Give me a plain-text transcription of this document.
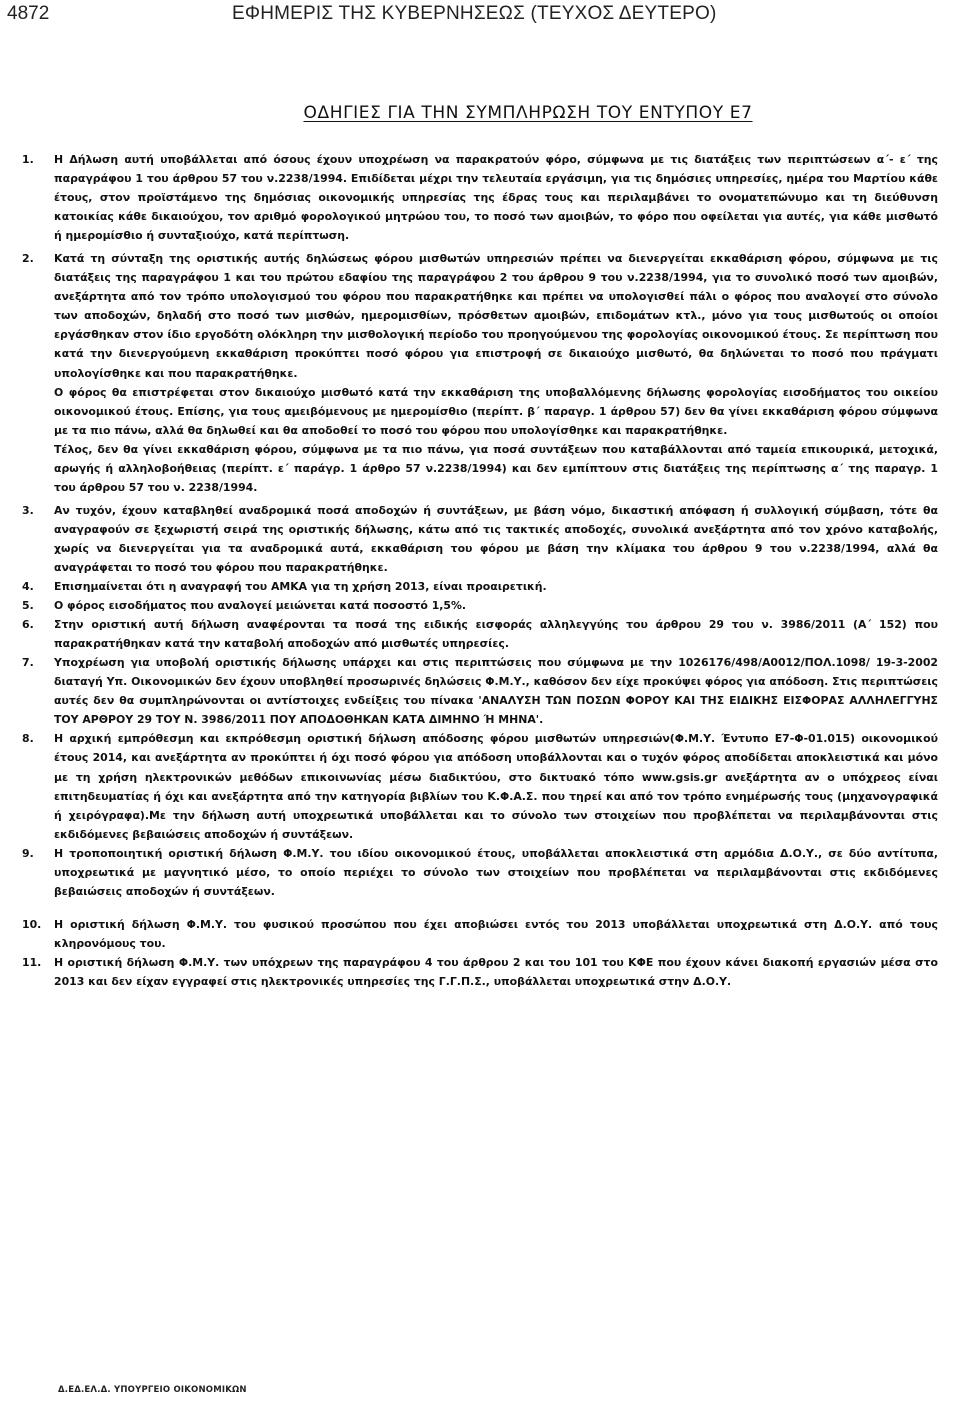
4872	ΕΦΗΜΕΡΙΣ ΤΗΣ ΚΥΒΕΡΝΗΣΕΩΣ (ΤΕΥΧΟΣ ΔΕΥΤΕΡΟ)
ΟΔΗΓΙΕΣ ΓΙΑ ΤΗΝ ΣΥΜΠΛΗΡΩΣΗ ΤΟΥ ΕΝΤΥΠΟΥ Ε7
1.	Η Δήλωση αυτή υποβάλλεται από όσους έχουν υποχρέωση να παρακρατούν φόρο, σύμφωνα με τις διατάξεις των περιπτώσεων α΄- ε΄ της παραγράφου 1 του άρθρου 57 του ν.2238/1994. Επιδίδεται μέχρι την τελευταία εργάσιμη, για τις δημόσιες υπηρεσίες, ημέρα του Μαρτίου κάθε έτους, στον προϊστάμενο της δημόσιας οικονομικής υπηρεσίας της έδρας τους και περιλαμβάνει το ονοματεπώνυμο και τη διεύθυνση κατοικίας κάθε δικαιούχου, τον αριθμό φορολογικού μητρώου του, το ποσό των αμοιβών, το φόρο που οφείλεται για αυτές, για κάθε μισθωτό ή ημερομίσθιο ή συνταξιούχο, κατά περίπτωση.

2.	Κατά τη σύνταξη της οριστικής αυτής δηλώσεως φόρου μισθωτών υπηρεσιών πρέπει να διενεργείται εκκαθάριση φόρου, σύμφωνα με τις διατάξεις της παραγράφου 1 και του πρώτου εδαφίου της παραγράφου 2 του άρθρου 9 του ν.2238/1994, για το συνολικό ποσό των αμοιβών, ανεξάρτητα από τον τρόπο υπολογισμού του φόρου που παρακρατήθηκε και πρέπει να υπολογισθεί πάλι ο φόρος που αναλογεί στο σύνολο των αποδοχών, δηλαδή στο ποσό των μισθών, ημερομισθίων, πρόσθετων αμοιβών, επιδομάτων κτλ., μόνο για τους μισθωτούς οι οποίοι εργάσθηκαν στον ίδιο εργοδότη ολόκληρη την μισθολογική περίοδο του προηγούμενου της φορολογίας οικονομικού έτους. Σε περίπτωση που κατά την διενεργούμενη εκκαθάριση προκύπτει ποσό φόρου για επιστροφή σε δικαιούχο μισθωτό, θα δηλώνεται το ποσό που πράγματι υπολογίσθηκε και που παρακρατήθηκε.

Ο φόρος θα επιστρέφεται στον δικαιούχο μισθωτό κατά την εκκαθάριση της υποβαλλόμενης δήλωσης φορολογίας εισοδήματος του οικείου οικονομικού έτους. Επίσης, για τους αμειβόμενους με ημερομίσθιο (περίπτ. β΄ παραγρ. 1 άρθρου 57) δεν θα γίνει εκκαθάριση φόρου σύμφωνα με τα πιο πάνω, αλλά θα δηλωθεί και θα αποδοθεί το ποσό του φόρου που υπολογίσθηκε και παρακρατήθηκε.

Τέλος, δεν θα γίνει εκκαθάριση φόρου, σύμφωνα με τα πιο πάνω, για ποσά συντάξεων που καταβάλλονται από ταμεία επικουρικά, μετοχικά, αρωγής ή αλληλοβοήθειας (περίπτ. ε΄ παράγρ. 1 άρθρο 57 ν.2238/1994) και δεν εμπίπτουν στις διατάξεις της περίπτωσης α΄ της παραγρ. 1 του άρθρου 57 του ν. 2238/1994.

3.	Αν τυχόν, έχουν καταβληθεί αναδρομικά ποσά αποδοχών ή συντάξεων, με βάση νόμο, δικαστική απόφαση ή συλλογική σύμβαση, τότε θα αναγραφούν σε ξεχωριστή σειρά της οριστικής δήλωσης, κάτω από τις τακτικές αποδοχές, συνολικά ανεξάρτητα από τον χρόνο καταβολής, χωρίς να διενεργείται για τα αναδρομικά αυτά, εκκαθάριση του φόρου με βάση την κλίμακα του άρθρου 9 του ν.2238/1994, αλλά θα αναγράφεται το ποσό του φόρου που παρακρατήθηκε.

4.	Επισημαίνεται ότι η αναγραφή του ΑΜΚΑ για τη χρήση 2013, είναι προαιρετική.

5.	Ο φόρος εισοδήματος που αναλογεί μειώνεται κατά ποσοστό 1,5%.

6.	Στην οριστική αυτή δήλωση αναφέρονται τα ποσά της ειδικής εισφοράς αλληλεγγύης του άρθρου 29 του ν. 3986/2011 (Α΄ 152) που παρακρατήθηκαν κατά την καταβολή αποδοχών από μισθωτές υπηρεσίες.

7.	Υποχρέωση για υποβολή οριστικής δήλωσης υπάρχει και στις περιπτώσεις που σύμφωνα με την 1026176/498/Α0012/ΠΟΛ.1098/ 19-3-2002 διαταγή Υπ. Οικονομικών δεν έχουν υποβληθεί προσωρινές δηλώσεις Φ.Μ.Υ., καθόσον δεν είχε προκύψει φόρος για απόδοση. Στις περιπτώσεις αυτές δεν θα συμπληρώνονται οι αντίστοιχες ενδείξεις του πίνακα 'ΑΝΑΛΥΣΗ ΤΩΝ ΠΟΣΩΝ ΦΟΡΟΥ ΚΑΙ ΤΗΣ ΕΙΔΙΚΗΣ ΕΙΣΦΟΡΑΣ ΑΛΛΗΛΕΓΓΥΗΣ ΤΟΥ ΑΡΘΡΟΥ 29 ΤΟΥ Ν. 3986/2011 ΠΟΥ ΑΠΟΔΟΘΗΚΑΝ ΚΑΤΑ ΔΙΜΗΝΟ Ή ΜΗΝΑ'.

8.	Η αρχική εμπρόθεσμη και εκπρόθεσμη οριστική δήλωση απόδοσης φόρου μισθωτών υπηρεσιών(Φ.Μ.Υ. Έντυπο Ε7-Φ-01.015) οικονομικού έτους 2014, και ανεξάρτητα αν προκύπτει ή όχι ποσό φόρου για απόδοση υποβάλλονται και ο τυχόν φόρος αποδίδεται αποκλειστικά και μόνο με τη χρήση ηλεκτρονικών μεθόδων επικοινωνίας μέσω διαδικτύου, στο δικτυακό τόπο www.gsis.gr ανεξάρτητα αν ο υπόχρεος είναι επιτηδευματίας ή όχι και ανεξάρτητα από την κατηγορία βιβλίων του Κ.Φ.Α.Σ. που τηρεί και από τον τρόπο ενημέρωσής τους (μηχανογραφικά ή χειρόγραφα).Με την δήλωση αυτή υποχρεωτικά υποβάλλεται και το σύνολο των στοιχείων που προβλέπεται να περιλαμβάνονται στις εκδιδόμενες βεβαιώσεις αποδοχών ή συντάξεων.

9.	Η τροποποιητική οριστική δήλωση Φ.Μ.Υ. του ιδίου οικονομικού έτους, υποβάλλεται αποκλειστικά στη αρμόδια Δ.Ο.Υ., σε δύο αντίτυπα, υποχρεωτικά με μαγνητικό μέσο, το οποίο περιέχει το σύνολο των στοιχείων που προβλέπεται να περιλαμβάνονται στις εκδιδόμενες βεβαιώσεις αποδοχών ή συντάξεων.

10.	Η οριστική δήλωση Φ.Μ.Υ. του φυσικού προσώπου που έχει αποβιώσει εντός του 2013 υποβάλλεται υποχρεωτικά στη Δ.Ο.Υ. από τους κληρονόμους του.

11.	Η οριστική δήλωση Φ.Μ.Υ. των υπόχρεων της παραγράφου 4 του άρθρου 2 και του 101 του ΚΦΕ που έχουν κάνει διακοπή εργασιών μέσα στο 2013 και δεν είχαν εγγραφεί στις ηλεκτρονικές υπηρεσίες της Γ.Γ.Π.Σ., υποβάλλεται υποχρεωτικά στην Δ.Ο.Υ.

Δ.ΕΔ.ΕΛ.Δ. ΥΠΟΥΡΓΕΙΟ ΟΙΚΟΝΟΜΙΚΩΝ
